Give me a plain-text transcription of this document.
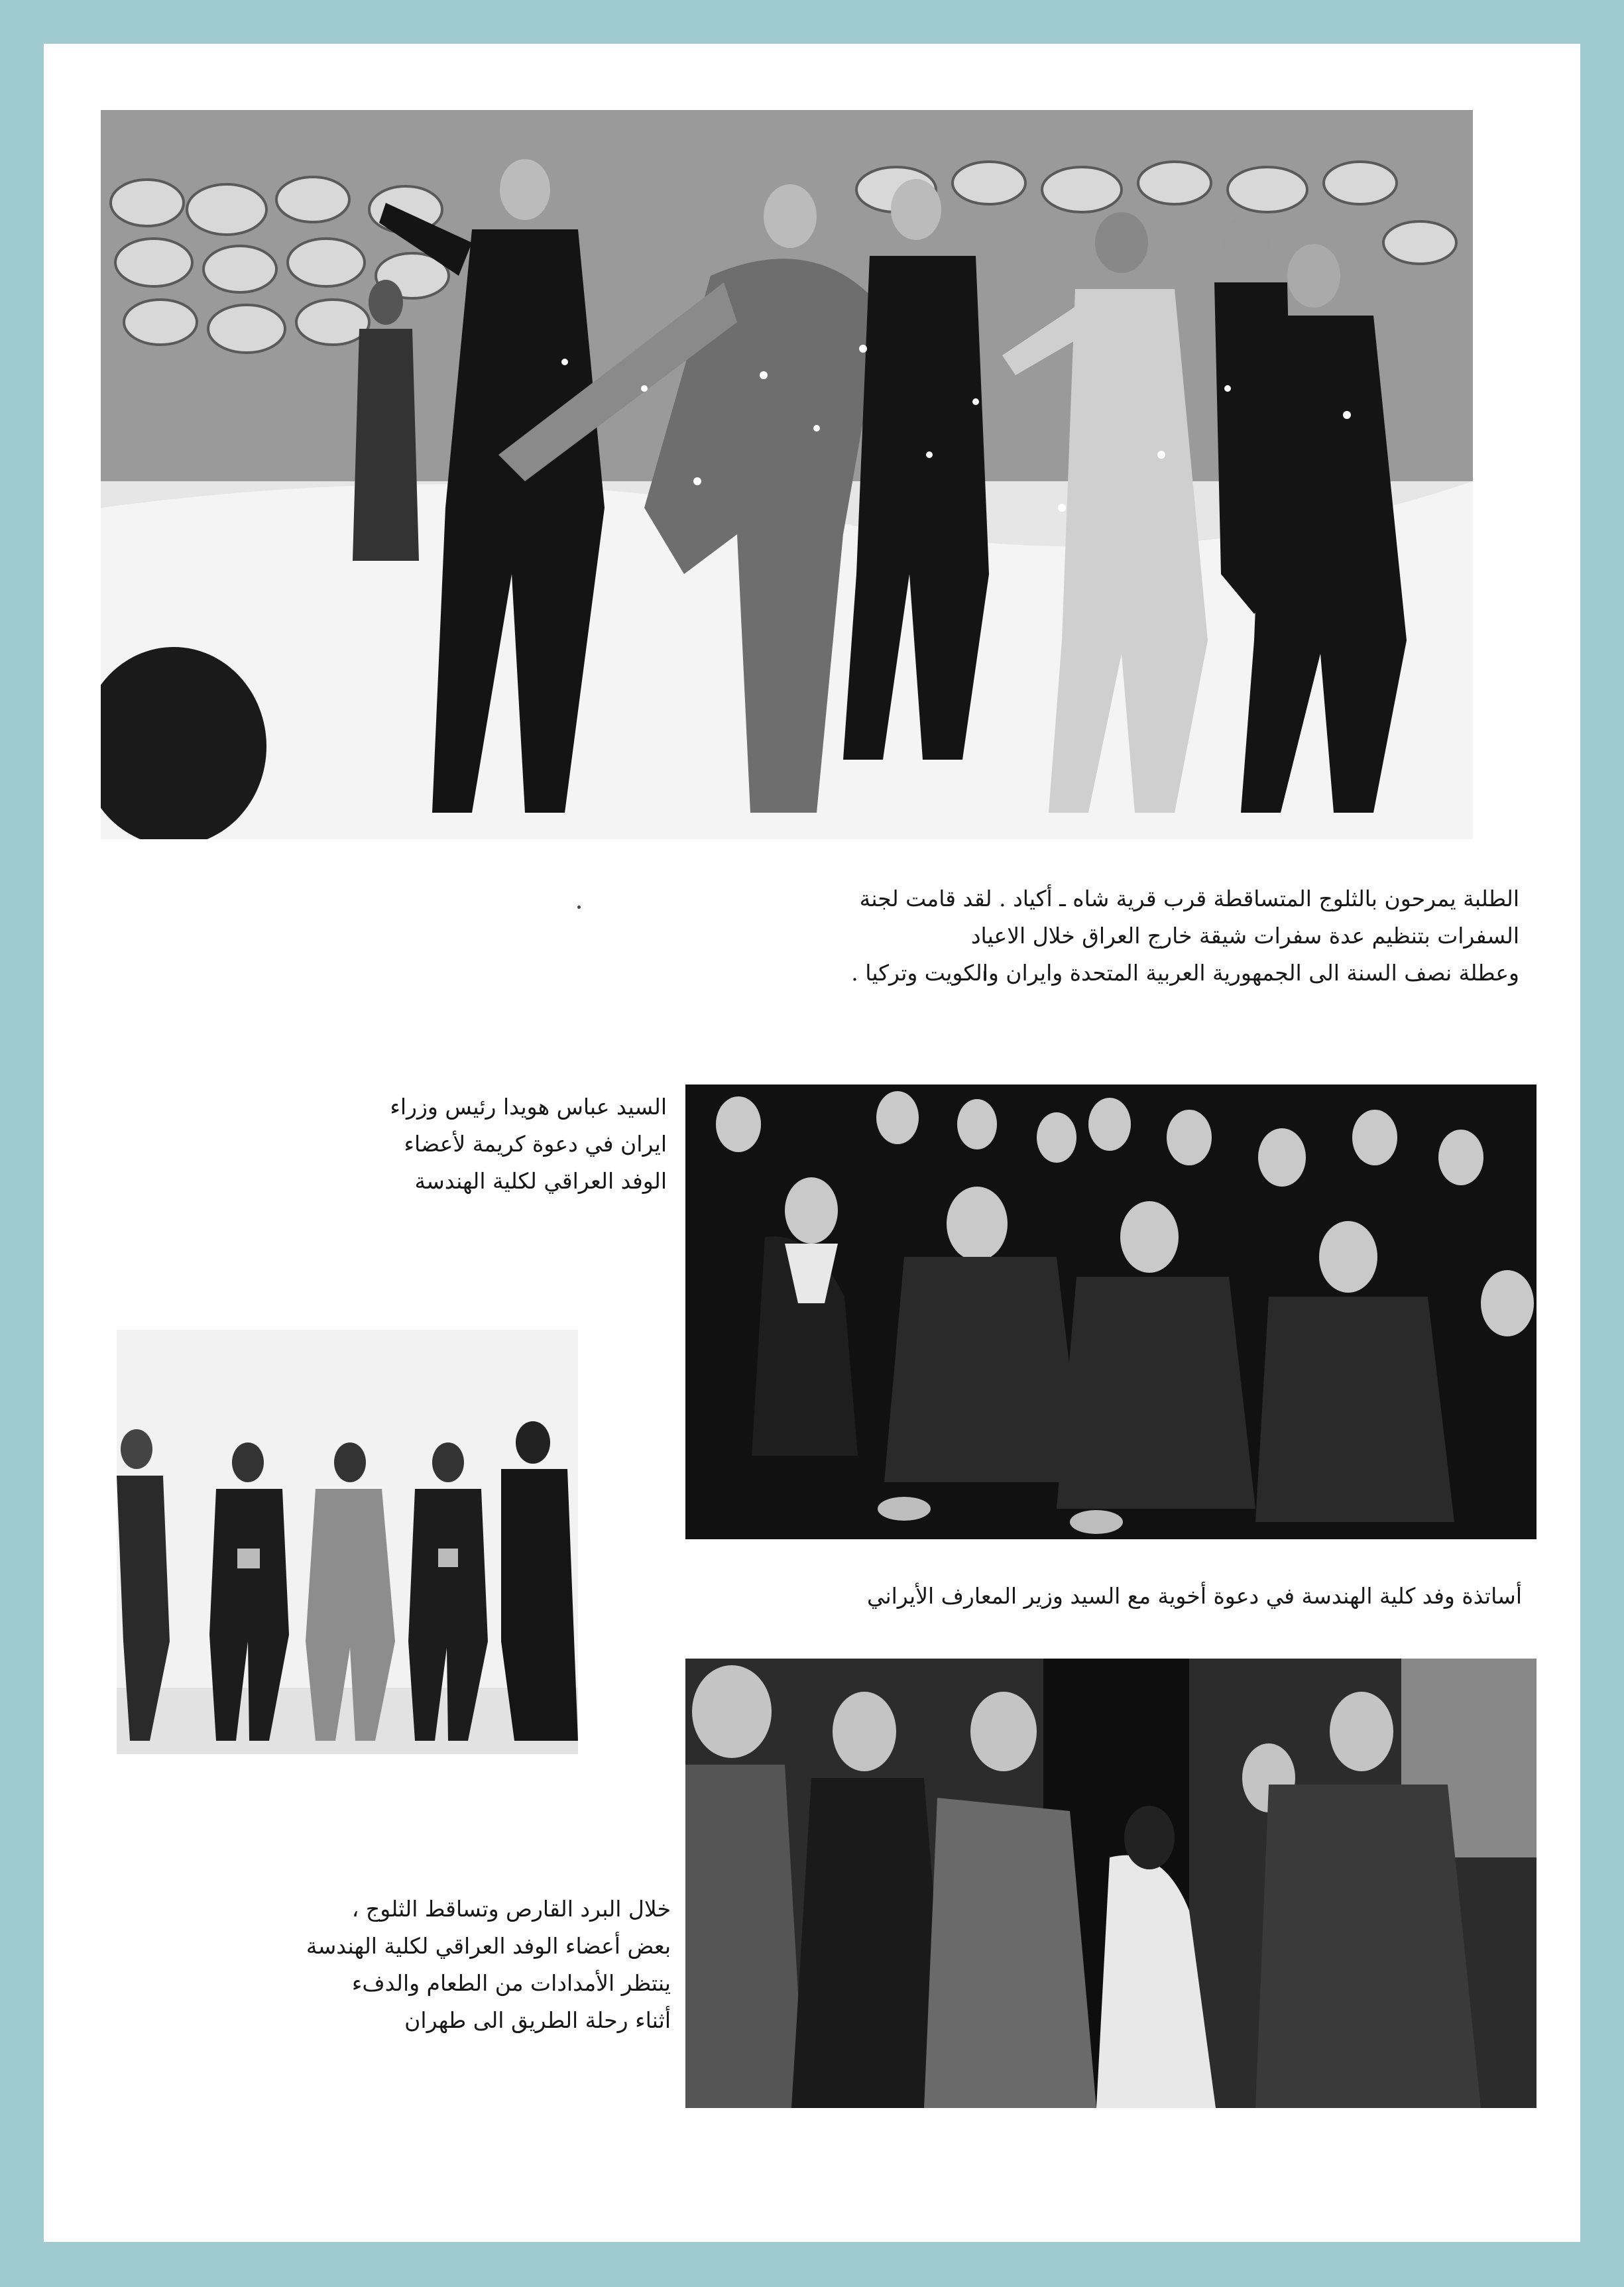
الطلبة يمرحون بالثلوج المتساقطة قرب قرية شاه ـ أكياد . لقد قامت لجنة
السفرات بتنظيم عدة سفرات شيقة خارج العراق خلال الاعياد
وعطلة نصف السنة الى الجمهورية العربية المتحدة وايران والكويت وتركيا .
السيد عباس هويدا رئيس وزراء
ايران في دعوة كريمة لأعضاء
الوفد العراقي لكلية الهندسة
أساتذة وفد كلية الهندسة في دعوة أخوية مع السيد وزير المعارف الأيراني
خلال البرد القارص وتساقط الثلوج ،
بعض أعضاء الوفد العراقي لكلية الهندسة
ينتظر الأمدادات من الطعام والدفء
أثناء رحلة الطريق الى طهران
